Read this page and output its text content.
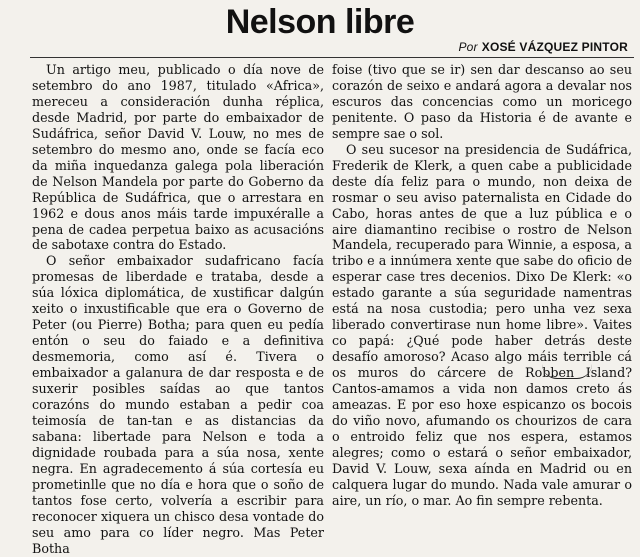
Nelson libre
Por XOSÉ VÁZQUEZ PINTOR

Un artigo meu, publicado o día nove de setembro do ano 1987, titulado «Africa», mereceu a consideración dunha réplica, desde Madrid, por parte do embaixador de Sudáfrica, señor David V. Louw, no mes de setembro do mesmo ano, onde se facía eco da miña inquedanza galega pola liberación de Nelson Mandela por parte do Goberno da República de Sudáfrica, que o arrestara en 1962 e dous anos máis tarde impuxéralle a pena de cadea perpetua baixo as acusacións de sabotaxe contra do Estado.

O señor embaixador sudafricano facía promesas de liberdade e trataba, desde a súa lóxica diplomática, de xustificar dalgún xeito o inxustificable que era o Governo de Peter (ou Pierre) Botha; para quen eu pedía entón o seu do faiado e a definitiva desmemoria, como así é. Tivera o embaixador a galanura de dar resposta e de suxerir posibles saídas ao que tantos corazóns do mundo estaban a pedir coa teimosía de tan-tan e as distancias da sabana: libertade para Nelson e toda a dignidade roubada para a súa nosa, xente negra. En agradecemento á súa cortesía eu prometinlle que no día e hora que o soño de tantos fose certo, volvería a escribir para reconocer xiquera un chisco desa vontade do seu amo para co líder negro. Mas Peter Botha

foise (tivo que se ir) sen dar descanso ao seu corazón de seixo e andará agora a devalar nos escuros das concencias como un moricego penitente. O paso da Historia é de avante e sempre sae o sol.

O seu sucesor na presidencia de Sudáfrica, Frederik de Klerk, a quen cabe a publicidade deste día feliz para o mundo, non deixa de rosmar o seu aviso paternalista en Cidade do Cabo, horas antes de que a luz pública e o aire diamantino recibise o rostro de Nelson Mandela, recuperado para Winnie, a esposa, a tribo e a innúmera xente que sabe do oficio de esperar case tres decenios. Dixo De Klerk: «o estado garante a súa seguridade namentras está na nosa custodia; pero unha vez sexa liberado convertirase nun home libre». Vaites co papá: ¿Qué pode haber detrás deste desafío amoroso? Acaso algo máis terrible cá os muros do cárcere de Robben Island? Cantos-amamos a vida non damos creto ás ameazas. E por eso hoxe espicanzo os bocois do viño novo, afumando os chourizos de cara o entroido feliz que nos espera, estamos alegres; como o estará o señor embaixador, David V. Louw, sexa aínda en Madrid ou en calquera lugar do mundo. Nada vale amurar o aire, un río, o mar. Ao fin sempre rebenta.
